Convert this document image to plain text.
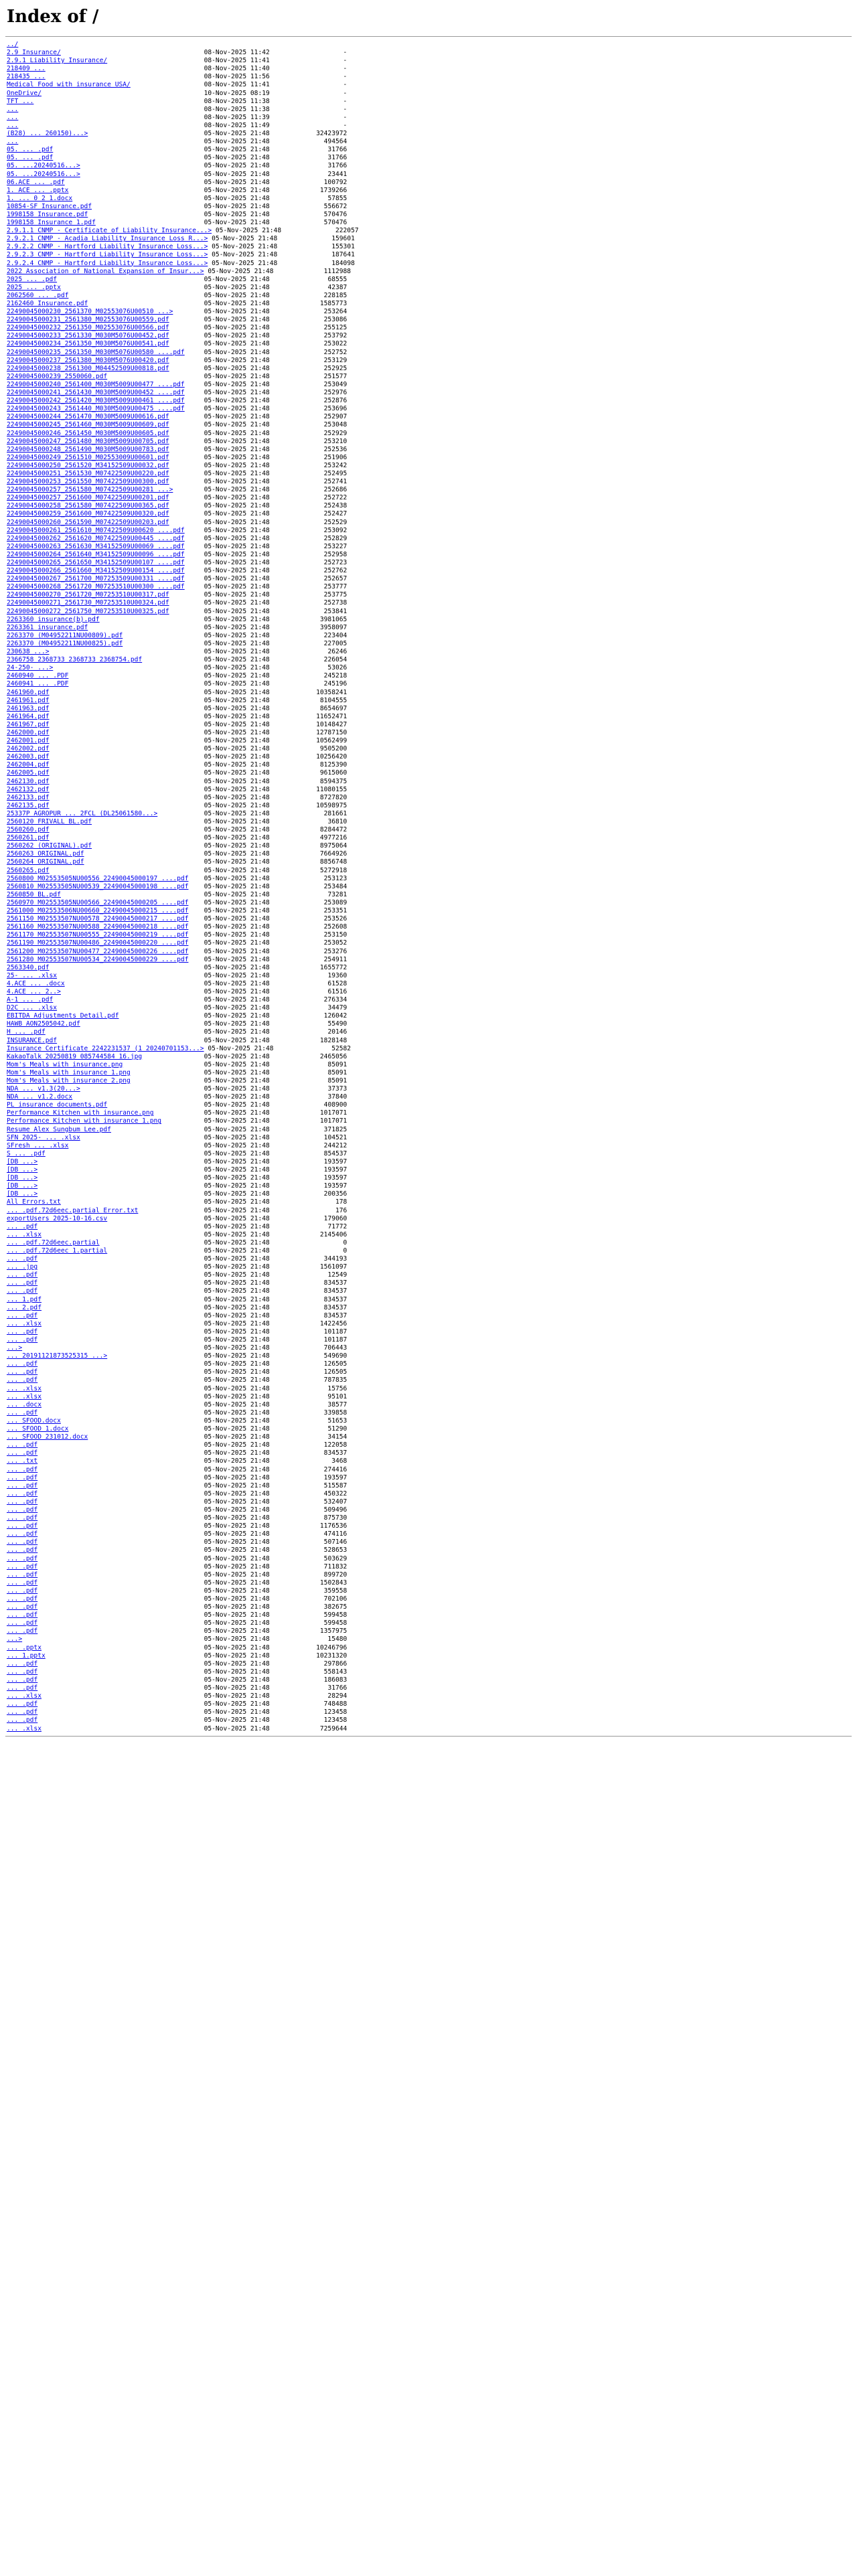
Index of /
../
2.9 Insurance/	08-Nov-2025 11:42	-
2.9.1 Liability Insurance/	08-Nov-2025 11:41	-
218409 ...	08-Nov-2025 11:40	-
218435 ...	08-Nov-2025 11:56	-
Medical Food with insurance USA/	08-Nov-2025 11:41	-
OneDrive/	10-Nov-2025 08:19	-
TFT ...	08-Nov-2025 11:38	-
...	08-Nov-2025 11:38	-
...	08-Nov-2025 11:39	-
...	08-Nov-2025 11:49	-
(B28) ... 260150)...>	05-Nov-2025 21:48	32423972
...	05-Nov-2025 21:48	494564
05. ... .pdf	05-Nov-2025 21:48	31766
05. ... .pdf	05-Nov-2025 21:48	31766
05. ...20240516...>	05-Nov-2025 21:48	31766
05. ...20240516...>	05-Nov-2025 21:48	23441
06.ACE ... .pdf	05-Nov-2025 21:48	100792
1. ACE ... .pptx	05-Nov-2025 21:48	1739266
1. ... 0 2 1.docx	05-Nov-2025 21:48	57855
10854-SF Insurance.pdf	05-Nov-2025 21:48	556672
1998158 Insurance.pdf	05-Nov-2025 21:48	570476
1998158 Insurance 1.pdf	05-Nov-2025 21:48	570476
2.9.1.1 CNMP - Certificate of Liability Insurance...> 05-Nov-2025 21:48	222057
2.9.2.1 CNMP - Acadia Liability Insurance Loss R...> 05-Nov-2025 21:48	159601
2.9.2.2 CNMP - Hartford Liability Insurance Loss...> 05-Nov-2025 21:48	155301
2.9.2.3 CNMP - Hartford Liability Insurance Loss...> 05-Nov-2025 21:48	187641
2.9.2.4 CNMP - Hartford Liability Insurance Loss...> 05-Nov-2025 21:48	184098
2022 Association of National Expansion of Insur...> 05-Nov-2025 21:48	1112988
2025 ... .pdf	05-Nov-2025 21:48	68555
2025 ... .pptx	05-Nov-2025 21:48	42387
2062560 ... .pdf	05-Nov-2025 21:48	228185
2162460 Insurance.pdf	05-Nov-2025 21:48	1585773
22490045000230_2561370_M02553076U00510 ...>	05-Nov-2025 21:48	253264
22490045000231_2561380_M02553076U00559.pdf	05-Nov-2025 21:48	253086
22490045000232_2561350_M02553076U00566.pdf	05-Nov-2025 21:48	255125
22490045000233_2561330_M030M5076U00452.pdf	05-Nov-2025 21:48	253792
22490045000234_2561350_M030M5076U00541.pdf	05-Nov-2025 21:48	253022
22490045000235_2561350_M030M5076U00580 ....pdf	05-Nov-2025 21:48	252752
22490045000237_2561380_M030M5076U00420.pdf	05-Nov-2025 21:48	253129
22490045000238_2561300_M04452509U00818.pdf	05-Nov-2025 21:48	252925
22490045000239_2550060.pdf	05-Nov-2025 21:48	251577
22490045000240_2561400_M030M5009U00477 ....pdf	05-Nov-2025 21:48	253049
22490045000241_2561430_M030M5009U00452 ....pdf	05-Nov-2025 21:48	252976
22490045000242_2561420_M030M5009U00461 ....pdf	05-Nov-2025 21:48	252876
22490045000243_2561440_M030M5009U00475 ....pdf	05-Nov-2025 21:48	253696
22490045000244_2561470_M030M5009U00616.pdf	05-Nov-2025 21:48	252907
22490045000245_2561460_M030M5009U00609.pdf	05-Nov-2025 21:48	253048
22490045000246_2561450_M030M5009U00605.pdf	05-Nov-2025 21:48	252929
22490045000247_2561480_M030M5009U00705.pdf	05-Nov-2025 21:48	253210
22490045000248_2561490_M030M5009U00783.pdf	05-Nov-2025 21:48	252536
22490045000249_2561510_M02553009U00601.pdf	05-Nov-2025 21:48	251906
22490045000250_2561520_M34152509U00032.pdf	05-Nov-2025 21:48	253242
22490045000251_2561530_M07422509U00220.pdf	05-Nov-2025 21:48	252495
22490045000253_2561550_M07422509U00300.pdf	05-Nov-2025 21:48	252741
22490045000257_2561580_M07422509U00281 ...>	05-Nov-2025 21:48	252686
22490045000257_2561600_M07422509U00201.pdf	05-Nov-2025 21:48	252722
22490045000258_2561580_M07422509U00365.pdf	05-Nov-2025 21:48	252438
22490045000259_2561600_M07422509U00320.pdf	05-Nov-2025 21:48	252427
22490045000260_2561590_M07422509U00203.pdf	05-Nov-2025 21:48	252529
22490045000261_2561610_M07422509U00620 ....pdf	05-Nov-2025 21:48	253092
22490045000262_2561620_M07422509U00445 ....pdf	05-Nov-2025 21:48	252829
22490045000263_2561630_M34152509U00069 ....pdf	05-Nov-2025 21:48	253227
22490045000264_2561640_M34152509U00096 ....pdf	05-Nov-2025 21:48	252958
22490045000265_2561650_M34152509U00107 ....pdf	05-Nov-2025 21:48	252723
22490045000266_2561660_M34152509U00154 ....pdf	05-Nov-2025 21:48	252762
22490045000267_2561700_M07253509U00331 ....pdf	05-Nov-2025 21:48	252657
22490045000268_2561720_M07253510U00300 ....pdf	05-Nov-2025 21:48	253777
22490045000270_2561720_M07253510U00317.pdf	05-Nov-2025 21:48	253775
22490045000271_2561730_M07253510U00324.pdf	05-Nov-2025 21:48	252738
22490045000272_2561750_M07253510U00325.pdf	05-Nov-2025 21:48	253841
2263360 insurance(b).pdf	05-Nov-2025 21:48	3981065
2263361 insurance.pdf	05-Nov-2025 21:48	3958097
2263370 (M04952211NU00809).pdf	05-Nov-2025 21:48	223404
2263370 (M04952211NU00825).pdf	05-Nov-2025 21:48	227005
230638 ...>	05-Nov-2025 21:48	26246
2366758 2368733 2368733 2368754.pdf	05-Nov-2025 21:48	226054
24-250- ...>	05-Nov-2025 21:48	53026
2460940 ... .PDF	05-Nov-2025 21:48	245218
2460941 ... .PDF	05-Nov-2025 21:48	245196
2461960.pdf	05-Nov-2025 21:48	10358241
2461961.pdf	05-Nov-2025 21:48	8104555
2461963.pdf	05-Nov-2025 21:48	8654697
2461964.pdf	05-Nov-2025 21:48	11652471
2461967.pdf	05-Nov-2025 21:48	10148427
2462000.pdf	05-Nov-2025 21:48	12787150
2462001.pdf	05-Nov-2025 21:48	10562499
2462002.pdf	05-Nov-2025 21:48	9505200
2462003.pdf	05-Nov-2025 21:48	10256420
2462004.pdf	05-Nov-2025 21:48	8125390
2462005.pdf	05-Nov-2025 21:48	9615060
2462130.pdf	05-Nov-2025 21:48	8594375
2462132.pdf	05-Nov-2025 21:48	11080155
2462133.pdf	05-Nov-2025 21:48	8727820
2462135.pdf	05-Nov-2025 21:48	10598975
25337P AGROPUR ... 2FCL (DL25061580...>	05-Nov-2025 21:48	281661
2560120 FRIVALL BL.pdf	05-Nov-2025 21:48	36810
2560260.pdf	05-Nov-2025 21:48	8284472
2560261.pdf	05-Nov-2025 21:48	4977216
2560262 (ORIGINAL).pdf	05-Nov-2025 21:48	8975064
2560263 ORIGINAL.pdf	05-Nov-2025 21:48	7664926
2560264 ORIGINAL.pdf	05-Nov-2025 21:48	8856748
2560265.pdf	05-Nov-2025 21:48	5272918
2560800 M02553505NU00556_22490045000197 ....pdf 05-Nov-2025 21:48	253123
2560810 M02553505NU00539_22490045000198 ....pdf 05-Nov-2025 21:48	253484
2560850 BL.pdf	05-Nov-2025 21:48	73281
2560970 M02553505NU00566_22490045000205 ....pdf 05-Nov-2025 21:48	253089
2561000 M02553506NU00660_22490045000215 ....pdf 05-Nov-2025 21:48	253351
2561150 M02553507NU00578_22490045000217 ....pdf 05-Nov-2025 21:48	253526
2561160 M02553507NU00588_22490045000218 ....pdf 05-Nov-2025 21:48	252608
2561170 M02553507NU00555_22490045000219 ....pdf 05-Nov-2025 21:48	253150
2561190 M02553507NU00486_22490045000220 ....pdf 05-Nov-2025 21:48	253052
2561200 M02553507NU00477_22490045000226 ....pdf 05-Nov-2025 21:48	253276
2561280 M02553507NU00534_22490045000229 ....pdf 05-Nov-2025 21:48	254911
2563340.pdf	05-Nov-2025 21:48	1655772
25- ... .xlsx	05-Nov-2025 21:48	19360
4.ACE ... .docx	05-Nov-2025 21:48	61528
4.ACE ... 2..>	05-Nov-2025 21:48	61516
A-1 ... .pdf	05-Nov-2025 21:48	276334
D2C ... .xlsx	05-Nov-2025 21:48	34479
EBITDA Adjustments Detail.pdf	05-Nov-2025 21:48	126042
HAWB AON2505042.pdf	05-Nov-2025 21:48	55490
H ... .pdf	05-Nov-2025 21:48	20146
INSURANCE.pdf	05-Nov-2025 21:48	1828148
Insurance Certificate 2242231537 (1 20240701153...> 05-Nov-2025 21:48	52582
KakaoTalk 20250819 085744584 16.jpg	05-Nov-2025 21:48	2465056
Mom's Meals with insurance.png	05-Nov-2025 21:48	85091
Mom's Meals with insurance 1.png	05-Nov-2025 21:48	85091
Mom's Meals with insurance 2.png	05-Nov-2025 21:48	85091
NDA ... v1.3(20...>	05-Nov-2025 21:48	37373
NDA ... v1.2.docx	05-Nov-2025 21:48	37840
PL insurance documents.pdf	05-Nov-2025 21:48	408900
Performance Kitchen with insurance.png	05-Nov-2025 21:48	1017071
Performance Kitchen with insurance 1.png	05-Nov-2025 21:48	1017071
Resume Alex Sungbum Lee.pdf	05-Nov-2025 21:48	371825
SFN 2025- ... .xlsx	05-Nov-2025 21:48	104521
SFresh ... .xlsx	05-Nov-2025 21:48	244212
S ... .pdf	05-Nov-2025 21:48	854537
[DB ...>	05-Nov-2025 21:48	193597
[DB ...>	05-Nov-2025 21:48	193597
[DB ...>	05-Nov-2025 21:48	193597
[DB ...>	05-Nov-2025 21:48	193597
[DB ...>	05-Nov-2025 21:48	200356
All Errors.txt	05-Nov-2025 21:48	178
... .pdf.72d6eec.partial Error.txt	05-Nov-2025 21:48	176
exportUsers 2025-10-16.csv	05-Nov-2025 21:48	179060
... .pdf	05-Nov-2025 21:48	71772
... .xlsx	05-Nov-2025 21:48	2145406
... .pdf.72d6eec.partial	05-Nov-2025 21:48	0
... .pdf.72d6eec 1.partial	05-Nov-2025 21:48	0
... .pdf	05-Nov-2025 21:48	344193
... .jpg	05-Nov-2025 21:48	1561097
... .pdf	05-Nov-2025 21:48	12549
... .pdf	05-Nov-2025 21:48	834537
... .pdf	05-Nov-2025 21:48	834537
... 1.pdf	05-Nov-2025 21:48	834537
... 2.pdf	05-Nov-2025 21:48	834537
... .pdf	05-Nov-2025 21:48	834537
... .xlsx	05-Nov-2025 21:48	1422456
... .pdf	05-Nov-2025 21:48	101187
... .pdf	05-Nov-2025 21:48	101187
...>	05-Nov-2025 21:48	706443
... 20191121873525315 ...>	05-Nov-2025 21:48	549690
... .pdf	05-Nov-2025 21:48	126505
... .pdf	05-Nov-2025 21:48	126505
... .pdf	05-Nov-2025 21:48	787835
... .xlsx	05-Nov-2025 21:48	15756
... .xlsx	05-Nov-2025 21:48	95101
... .docx	05-Nov-2025 21:48	38577
... .pdf	05-Nov-2025 21:48	339858
... SFOOD.docx	05-Nov-2025 21:48	51653
... SFOOD 1.docx	05-Nov-2025 21:48	51290
... SFOOD 231012.docx	05-Nov-2025 21:48	34154
... .pdf	05-Nov-2025 21:48	122058
... .pdf	05-Nov-2025 21:48	834537
... .txt	05-Nov-2025 21:48	3468
... .pdf	05-Nov-2025 21:48	274416
... .pdf	05-Nov-2025 21:48	193597
... .pdf	05-Nov-2025 21:48	515587
... .pdf	05-Nov-2025 21:48	450322
... .pdf	05-Nov-2025 21:48	532407
... .pdf	05-Nov-2025 21:48	509496
... .pdf	05-Nov-2025 21:48	875730
... .pdf	05-Nov-2025 21:48	1176536
... .pdf	05-Nov-2025 21:48	474116
... .pdf	05-Nov-2025 21:48	507146
... .pdf	05-Nov-2025 21:48	528653
... .pdf	05-Nov-2025 21:48	503629
... .pdf	05-Nov-2025 21:48	711832
... .pdf	05-Nov-2025 21:48	899720
... .pdf	05-Nov-2025 21:48	1502843
... .pdf	05-Nov-2025 21:48	359558
... .pdf	05-Nov-2025 21:48	702106
... .pdf	05-Nov-2025 21:48	382675
... .pdf	05-Nov-2025 21:48	599458
... .pdf	05-Nov-2025 21:48	599458
... .pdf	05-Nov-2025 21:48	1357975
...>	05-Nov-2025 21:48	15480
... .pptx	05-Nov-2025 21:48	10246796
... 1.pptx	05-Nov-2025 21:48	10231320
... .pdf	05-Nov-2025 21:48	297866
... .pdf	05-Nov-2025 21:48	558143
... .pdf	05-Nov-2025 21:48	186083
... .pdf	05-Nov-2025 21:48	31766
... .xlsx	05-Nov-2025 21:48	28294
... .pdf	05-Nov-2025 21:48	748488
... .pdf	05-Nov-2025 21:48	123458
... .pdf	05-Nov-2025 21:48	123458
... .xlsx	05-Nov-2025 21:48	7259644
